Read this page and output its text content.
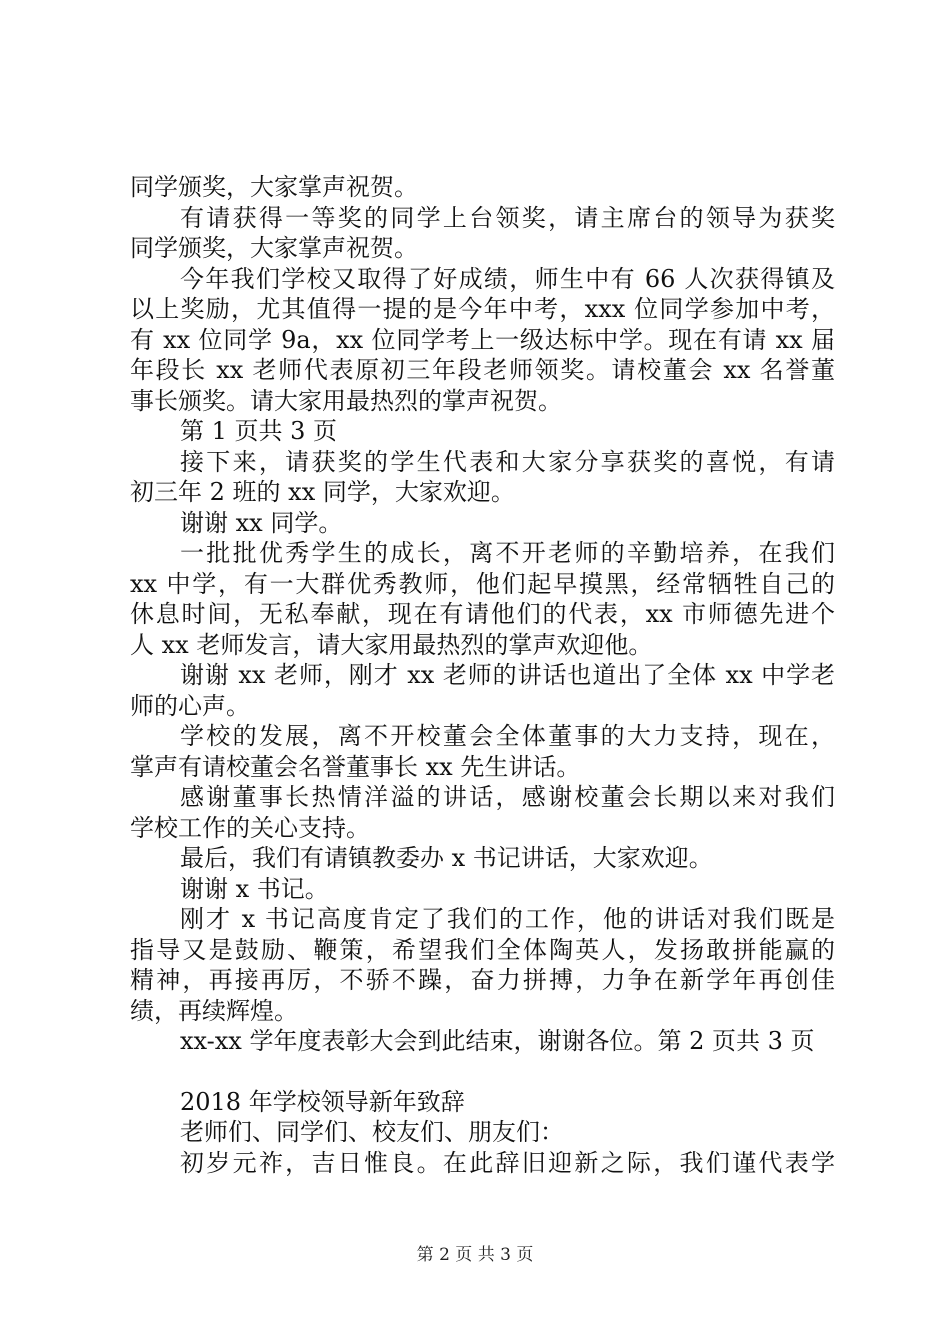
同学颁奖，大家掌声祝贺。
有请获得一等奖的同学上台领奖，请主席台的领导为获奖
同学颁奖，大家掌声祝贺。
今年我们学校又取得了好成绩，师生中有 66 人次获得镇及
以上奖励，尤其值得一提的是今年中考，xxx 位同学参加中考，
有 xx 位同学 9a，xx 位同学考上一级达标中学。现在有请 xx 届
年段长 xx 老师代表原初三年段老师领奖。请校董会 xx 名誉董
事长颁奖。请大家用最热烈的掌声祝贺。
第 1 页共 3 页
接下来，请获奖的学生代表和大家分享获奖的喜悦，有请
初三年 2 班的 xx 同学，大家欢迎。
谢谢 xx 同学。
一批批优秀学生的成长，离不开老师的辛勤培养，在我们
xx 中学，有一大群优秀教师，他们起早摸黑，经常牺牲自己的
休息时间，无私奉献，现在有请他们的代表，xx 市师德先进个
人 xx 老师发言，请大家用最热烈的掌声欢迎他。
谢谢 xx 老师，刚才 xx 老师的讲话也道出了全体 xx 中学老
师的心声。
学校的发展，离不开校董会全体董事的大力支持，现在，
掌声有请校董会名誉董事长 xx 先生讲话。
感谢董事长热情洋溢的讲话，感谢校董会长期以来对我们
学校工作的关心支持。
最后，我们有请镇教委办 x 书记讲话，大家欢迎。
谢谢 x 书记。
刚才 x 书记高度肯定了我们的工作，他的讲话对我们既是
指导又是鼓励、鞭策，希望我们全体陶英人，发扬敢拼能赢的
精神，再接再厉，不骄不躁，奋力拼搏，力争在新学年再创佳
绩，再续辉煌。
xx-xx 学年度表彰大会到此结束，谢谢各位。第 2 页共 3 页
2018 年学校领导新年致辞
老师们、同学们、校友们、朋友们：
初岁元祚，吉日惟良。在此辞旧迎新之际，我们谨代表学
第 2 页 共 3 页
